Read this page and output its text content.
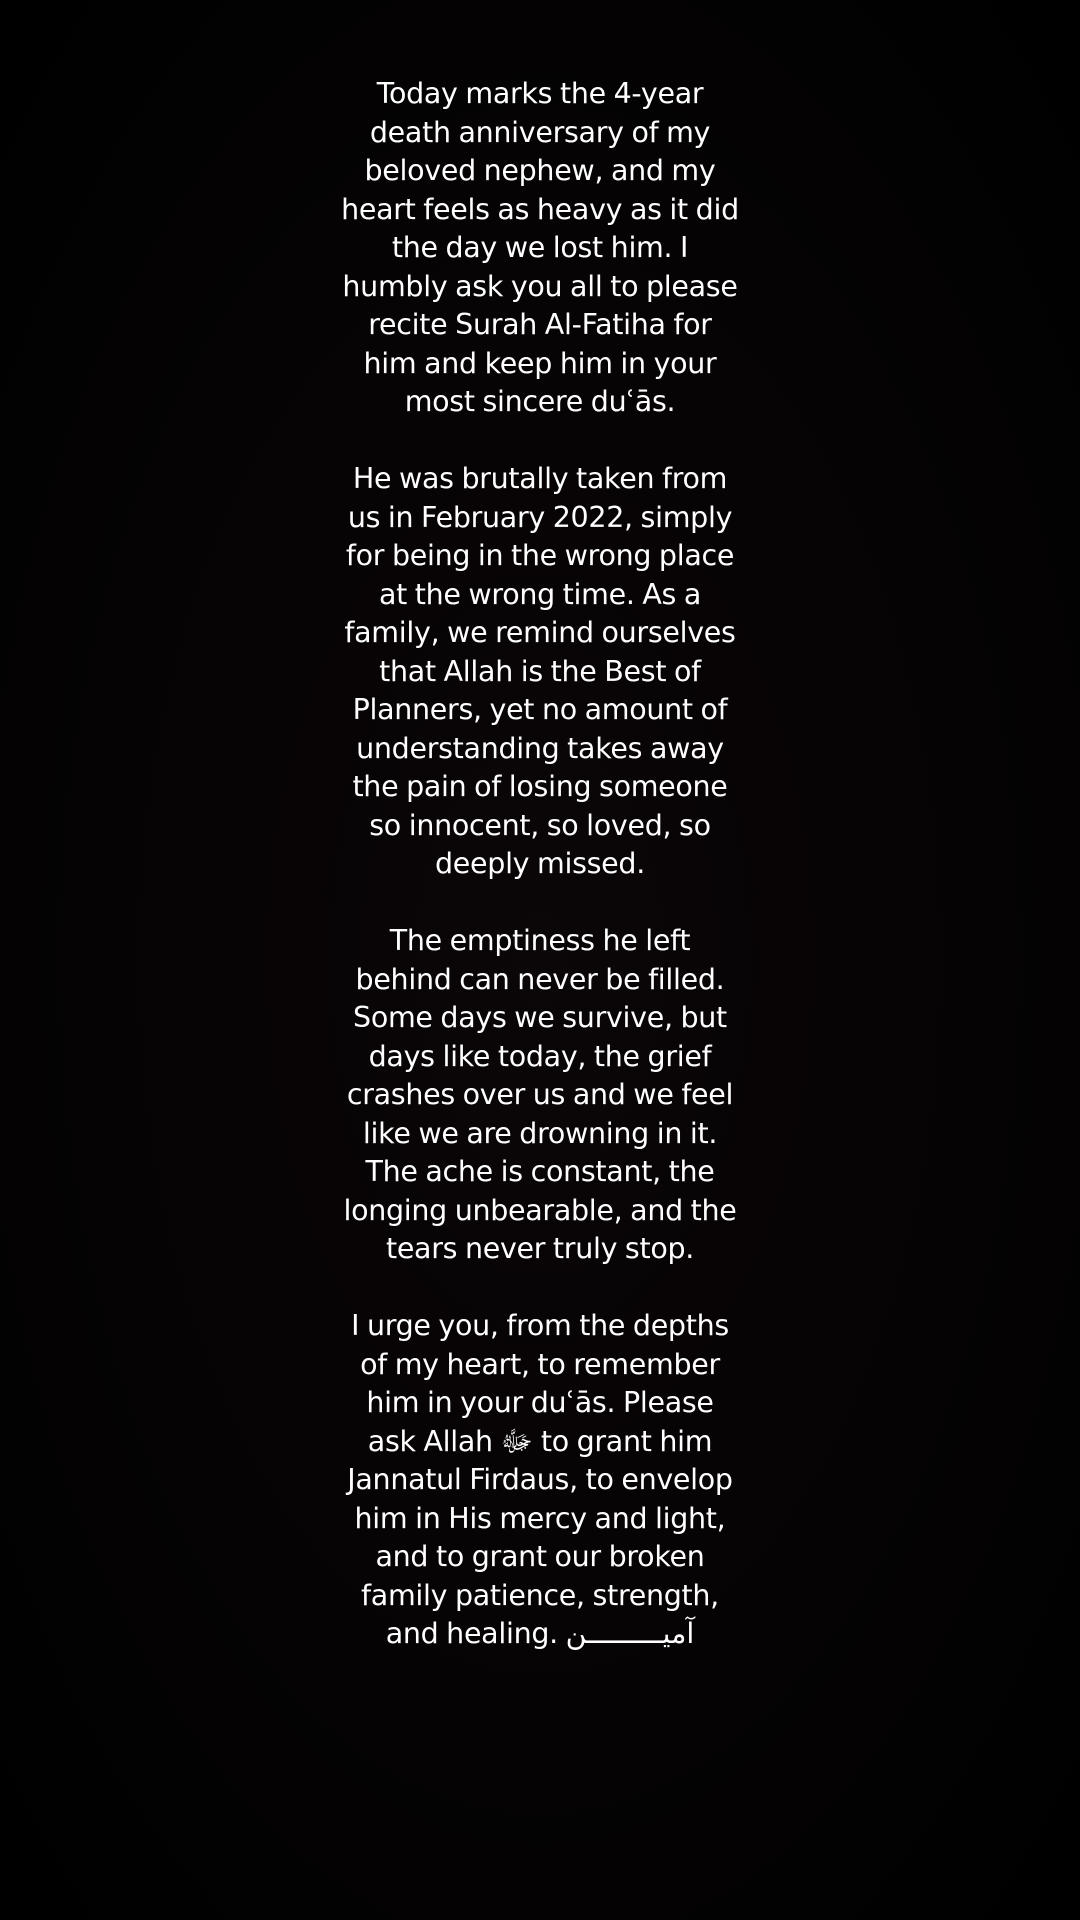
Today marks the 4-year death anniversary of my beloved nephew, and my heart feels as heavy as it did the day we lost him. I humbly ask you all to please recite Surah Al-Fatiha for him and keep him in your most sincere duʿās.

He was brutally taken from us in February 2022, simply for being in the wrong place at the wrong time. As a family, we remind ourselves that Allah is the Best of Planners, yet no amount of understanding takes away the pain of losing someone so innocent, so loved, so deeply missed.

The emptiness he left behind can never be filled. Some days we survive, but days like today, the grief crashes over us and we feel like we are drowning in it. The ache is constant, the longing unbearable, and the tears never truly stop.

I urge you, from the depths of my heart, to remember him in your duʿās. Please ask Allah ﷻ to grant him Jannatul Firdaus, to envelop him in His mercy and light, and to grant our broken family patience, strength, and healing. آمیـــــــــن
